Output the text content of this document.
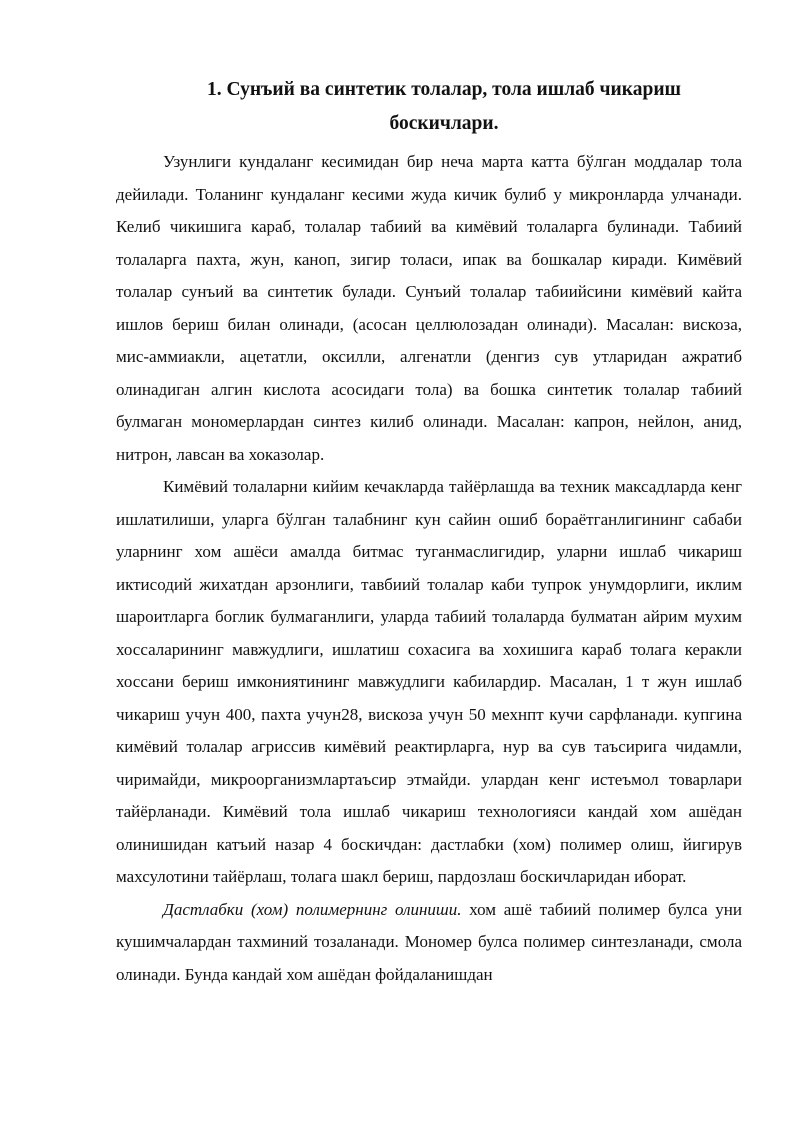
1. Сунъий ва синтетик толалар, тола ишлаб чикариш
боскичлари.

Узунлиги кундаланг кесимидан бир неча марта катта бўлган моддалар тола дейилади. Толанинг кундаланг кесими жуда кичик булиб у микронларда улчанади. Келиб чикишига караб, толалар табиий ва кимёвий толаларга булинади. Табиий толаларга пахта, жун, каноп, зигир толаси, ипак ва бошкалар киради. Кимёвий толалар сунъий ва синтетик булади. Сунъий толалар табиийсини кимёвий кайта ишлов бериш билан олинади, (асосан целлюлозадан олинади). Масалан: вискоза, мис-аммиакли, ацетатли, оксилли, алгенатли (денгиз сув утларидан ажратиб олинадиган алгин кислота асосидаги тола) ва бошка синтетик толалар табиий булмаган мономерлардан синтез килиб олинади. Масалан: капрон, нейлон, анид, нитрон, лавсан ва хоказолар.

Кимёвий толаларни кийим кечакларда тайёрлашда ва техник максадларда кенг ишлатилиши, уларга бўлган талабнинг кун сайин ошиб бораётганлигининг сабаби уларнинг хом ашёси амалда битмас туганмаслигидир, уларни ишлаб чикариш иктисодий жихатдан арзонлиги, тавбиий толалар каби тупрок унумдорлиги, иклим шароитларга боглик булмаганлиги, уларда табиий толаларда булматан айрим мухим хоссаларининг мавжудлиги, ишлатиш сохасига ва хохишига караб толага керакли хоссани бериш имкониятининг мавжудлиги кабилардир. Масалан, 1 т жун ишлаб чикариш учун 400, пахта учун28, вискоза учун 50 мехнпт кучи сарфланади. купгина кимёвий толалар агриссив кимёвий реактирларга, нур ва сув таъсирига чидамли, чиримайди, микроорганизмлартаъсир этмайди. улардан кенг истеъмол товарлари тайёрланади. Кимёвий тола ишлаб чикариш технологияси кандай хом ашёдан олинишидан катъий назар 4 боскичдан: дастлабки (хом) полимер олиш, йигирув махсулотини тайёрлаш, толага шакл бериш, пардозлаш боскичларидан иборат.

Дастлабки (хом) полимернинг олиниши. хом ашё табиий полимер булса уни кушимчалардан тахминий тозаланади. Мономер булса полимер синтезланади, смола олинади. Бунда кандай хом ашёдан фойдаланишдан
